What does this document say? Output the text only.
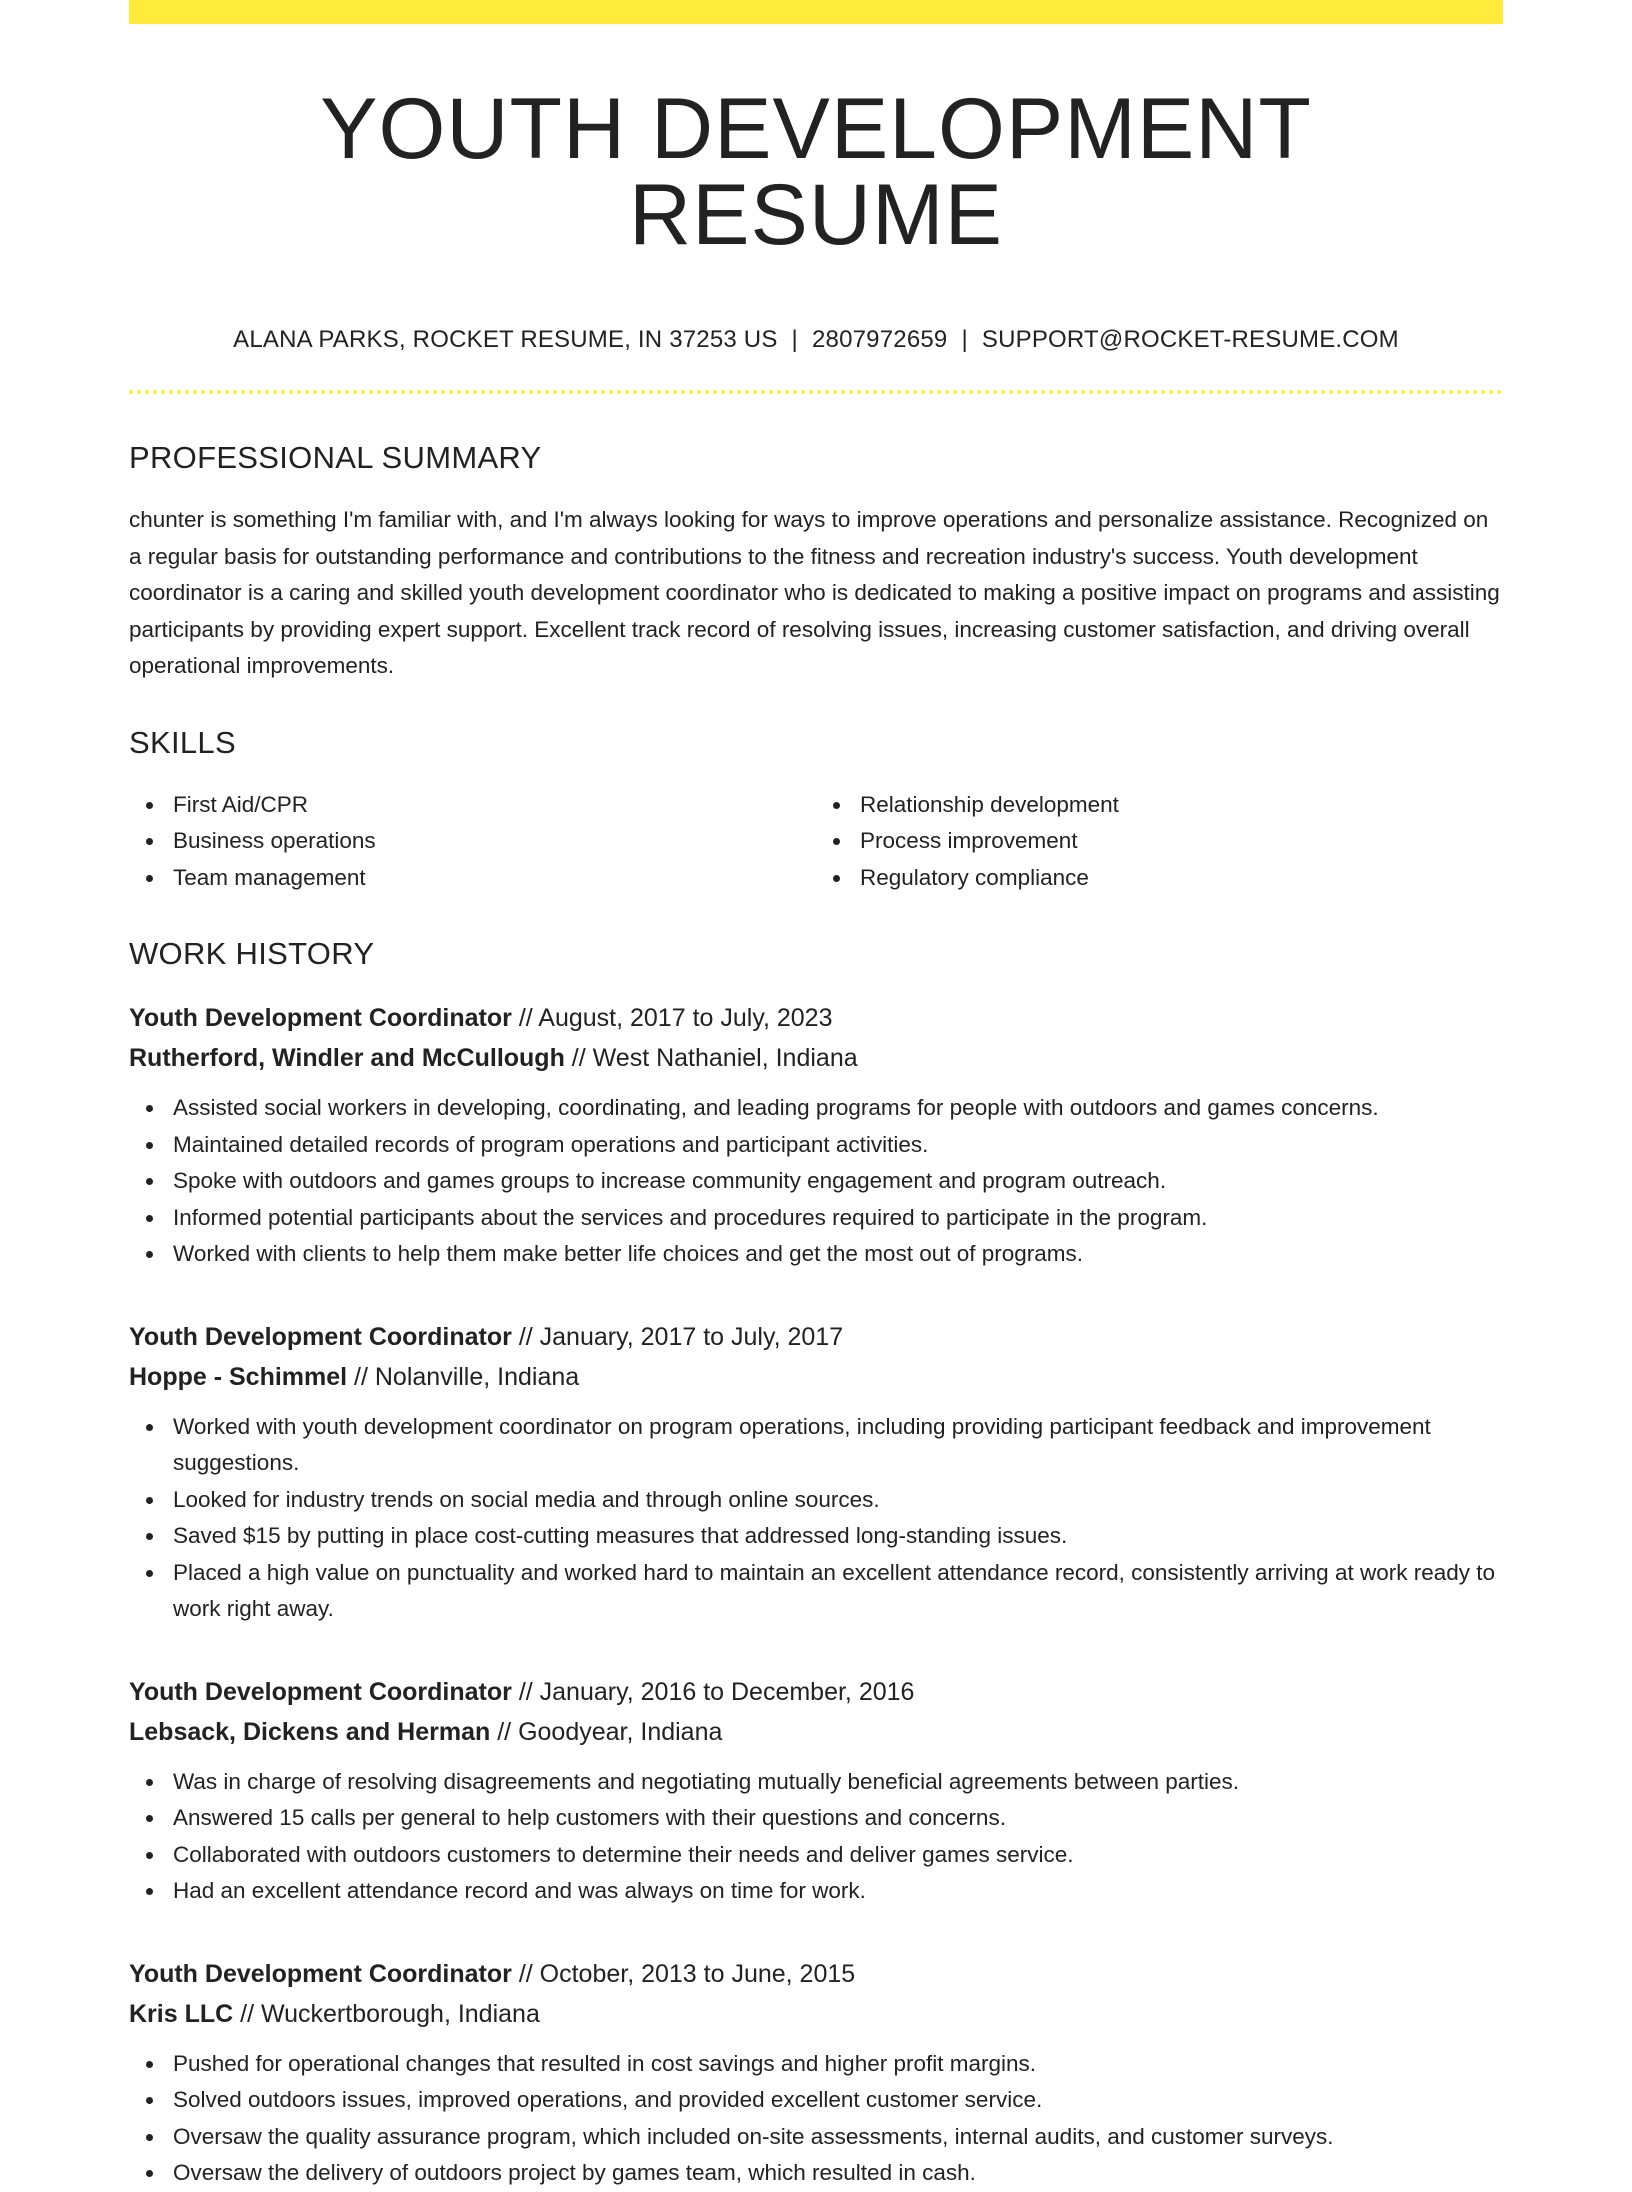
YOUTH DEVELOPMENT RESUME
ALANA PARKS, ROCKET RESUME, IN 37253 US | 2807972659 | SUPPORT@ROCKET-RESUME.COM
PROFESSIONAL SUMMARY

chunter is something I'm familiar with, and I'm always looking for ways to improve operations and personalize assistance. Recognized on a regular basis for outstanding performance and contributions to the fitness and recreation industry's success. Youth development coordinator is a caring and skilled youth development coordinator who is dedicated to making a positive impact on programs and assisting participants by providing expert support. Excellent track record of resolving issues, increasing customer satisfaction, and driving overall operational improvements.

SKILLS
First Aid/CPR
Business operations
Team management
Relationship development
Process improvement
Regulatory compliance
WORK HISTORY
Youth Development Coordinator // August, 2017 to July, 2023
Rutherford, Windler and McCullough // West Nathaniel, Indiana
Assisted social workers in developing, coordinating, and leading programs for people with outdoors and games concerns.
Maintained detailed records of program operations and participant activities.
Spoke with outdoors and games groups to increase community engagement and program outreach.
Informed potential participants about the services and procedures required to participate in the program.
Worked with clients to help them make better life choices and get the most out of programs.
Youth Development Coordinator // January, 2017 to July, 2017
Hoppe - Schimmel // Nolanville, Indiana
Worked with youth development coordinator on program operations, including providing participant feedback and improvement suggestions.
Looked for industry trends on social media and through online sources.
Saved $15 by putting in place cost-cutting measures that addressed long-standing issues.
Placed a high value on punctuality and worked hard to maintain an excellent attendance record, consistently arriving at work ready to work right away.
Youth Development Coordinator // January, 2016 to December, 2016
Lebsack, Dickens and Herman // Goodyear, Indiana
Was in charge of resolving disagreements and negotiating mutually beneficial agreements between parties.
Answered 15 calls per general to help customers with their questions and concerns.
Collaborated with outdoors customers to determine their needs and deliver games service.
Had an excellent attendance record and was always on time for work.
Youth Development Coordinator // October, 2013 to June, 2015
Kris LLC // Wuckertborough, Indiana
Pushed for operational changes that resulted in cost savings and higher profit margins.
Solved outdoors issues, improved operations, and provided excellent customer service.
Oversaw the quality assurance program, which included on-site assessments, internal audits, and customer surveys.
Oversaw the delivery of outdoors project by games team, which resulted in cash.
